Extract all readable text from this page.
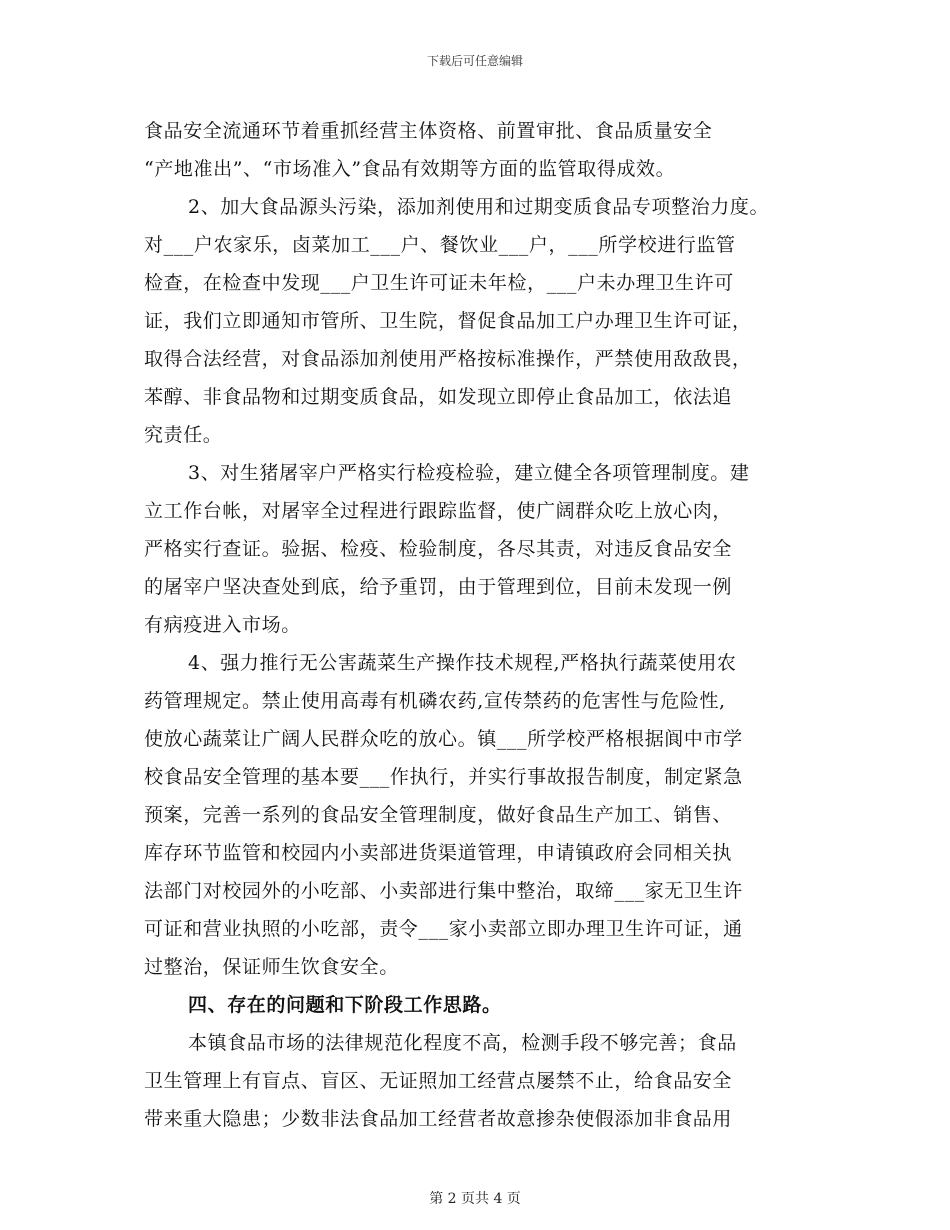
下载后可任意编辑
食品安全流通环节着重抓经营主体资格、前置审批、食品质量安全
“产地准出”、“市场准入”食品有效期等方面的监管取得成效。
2、加大食品源头污染，添加剂使用和过期变质食品专项整治力度。
对___户农家乐，卤菜加工___户、餐饮业___户，___所学校进行监管
检查，在检查中发现___户卫生许可证未年检，___户未办理卫生许可
证，我们立即通知市管所、卫生院，督促食品加工户办理卫生许可证，
取得合法经营，对食品添加剂使用严格按标准操作，严禁使用敌敌畏，
苯醇、非食品物和过期变质食品，如发现立即停止食品加工，依法追
究责任。
3、对生猪屠宰户严格实行检疫检验，建立健全各项管理制度。建
立工作台帐，对屠宰全过程进行跟踪监督，使广阔群众吃上放心肉，
严格实行查证。验据、检疫、检验制度，各尽其责，对违反食品安全
的屠宰户坚决查处到底，给予重罚，由于管理到位，目前未发现一例
有病疫进入市场。
4、强力推行无公害蔬菜生产操作技术规程,严格执行蔬菜使用农
药管理规定。禁止使用高毒有机磷农药,宣传禁药的危害性与危险性,
使放心蔬菜让广阔人民群众吃的放心。镇___所学校严格根据阆中市学
校食品安全管理的基本要___作执行，并实行事故报告制度，制定紧急
预案，完善一系列的食品安全管理制度，做好食品生产加工、销售、
库存环节监管和校园内小卖部进货渠道管理，申请镇政府会同相关执
法部门对校园外的小吃部、小卖部进行集中整治，取缔___家无卫生许
可证和营业执照的小吃部，责令___家小卖部立即办理卫生许可证，通
过整治，保证师生饮食安全。
四、存在的问题和下阶段工作思路。
本镇食品市场的法律规范化程度不高，检测手段不够完善；食品
卫生管理上有盲点、盲区、无证照加工经营点屡禁不止，给食品安全
带来重大隐患；少数非法食品加工经营者故意掺杂使假添加非食品用
第 2 页共 4 页
